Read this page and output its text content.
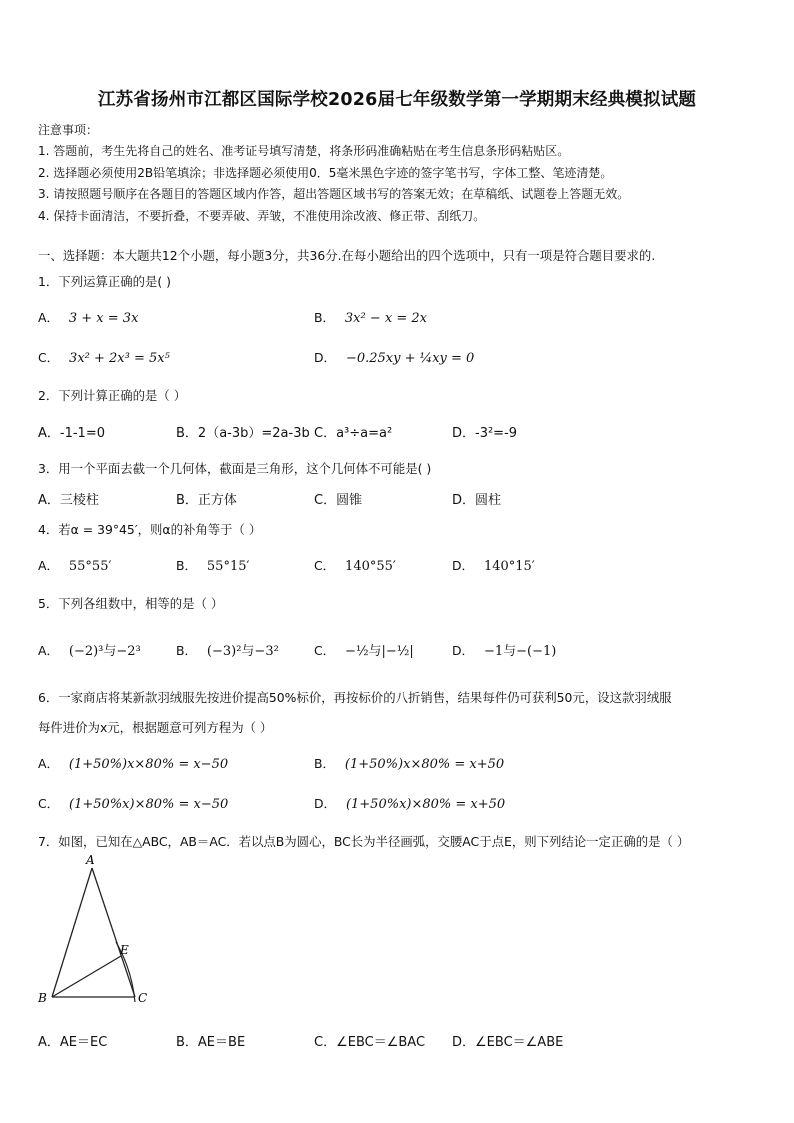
江苏省扬州市江都区国际学校2026届七年级数学第一学期期末经典模拟试题
注意事项：
1. 答题前，考生先将自己的姓名、准考证号填写清楚，将条形码准确粘贴在考生信息条形码粘贴区。
2. 选择题必须使用2B铅笔填涂；非选择题必须使用0．5毫米黑色字迹的签字笔书写，字体工整、笔迹清楚。
3. 请按照题号顺序在各题目的答题区域内作答，超出答题区域书写的答案无效；在草稿纸、试题卷上答题无效。
4. 保持卡面清洁，不要折叠，不要弄破、弄皱，不准使用涂改液、修正带、刮纸刀。
一、选择题：本大题共12个小题，每小题3分，共36分.在每小题给出的四个选项中，只有一项是符合题目要求的.
1．下列运算正确的是( )
A． 3 + x = 3x	B． 3x² − x = 2x
C． 3x² + 2x³ = 5x⁵	D． −0.25xy + ¼xy = 0
2．下列计算正确的是（ ）
A．-1-1=0	B．2（a-3b）=2a-3b C．a³÷a=a²	D．-3²=-9
3．用一个平面去截一个几何体，截面是三角形，这个几何体不可能是( )
A．三棱柱	B．正方体	C．圆锥	D．圆柱
4．若α = 39°45′，则α的补角等于（ ）
A． 55°55′	B． 55°15′	C． 140°55′	D． 140°15′
5．下列各组数中，相等的是（ ）
A． (−2)³与−2³	B． (−3)²与−3²	C． −½与|−½|	D． −1与−(−1)
6．一家商店将某新款羽绒服先按进价提高50%标价，再按标价的八折销售，结果每件仍可获利50元，设这款羽绒服
每件进价为x元，根据题意可列方程为（ ）
A． (1+50%)x×80% = x−50	B． (1+50%)x×80% = x+50
C． (1+50%x)×80% = x−50	D． (1+50%x)×80% = x+50
7．如图，已知在△ABC，AB＝AC．若以点B为圆心，BC长为半径画弧，交腰AC于点E，则下列结论一定正确的是（ ）
A
E
B	C
A．AE＝EC	B．AE＝BE	C．∠EBC＝∠BAC D．∠EBC＝∠ABE
